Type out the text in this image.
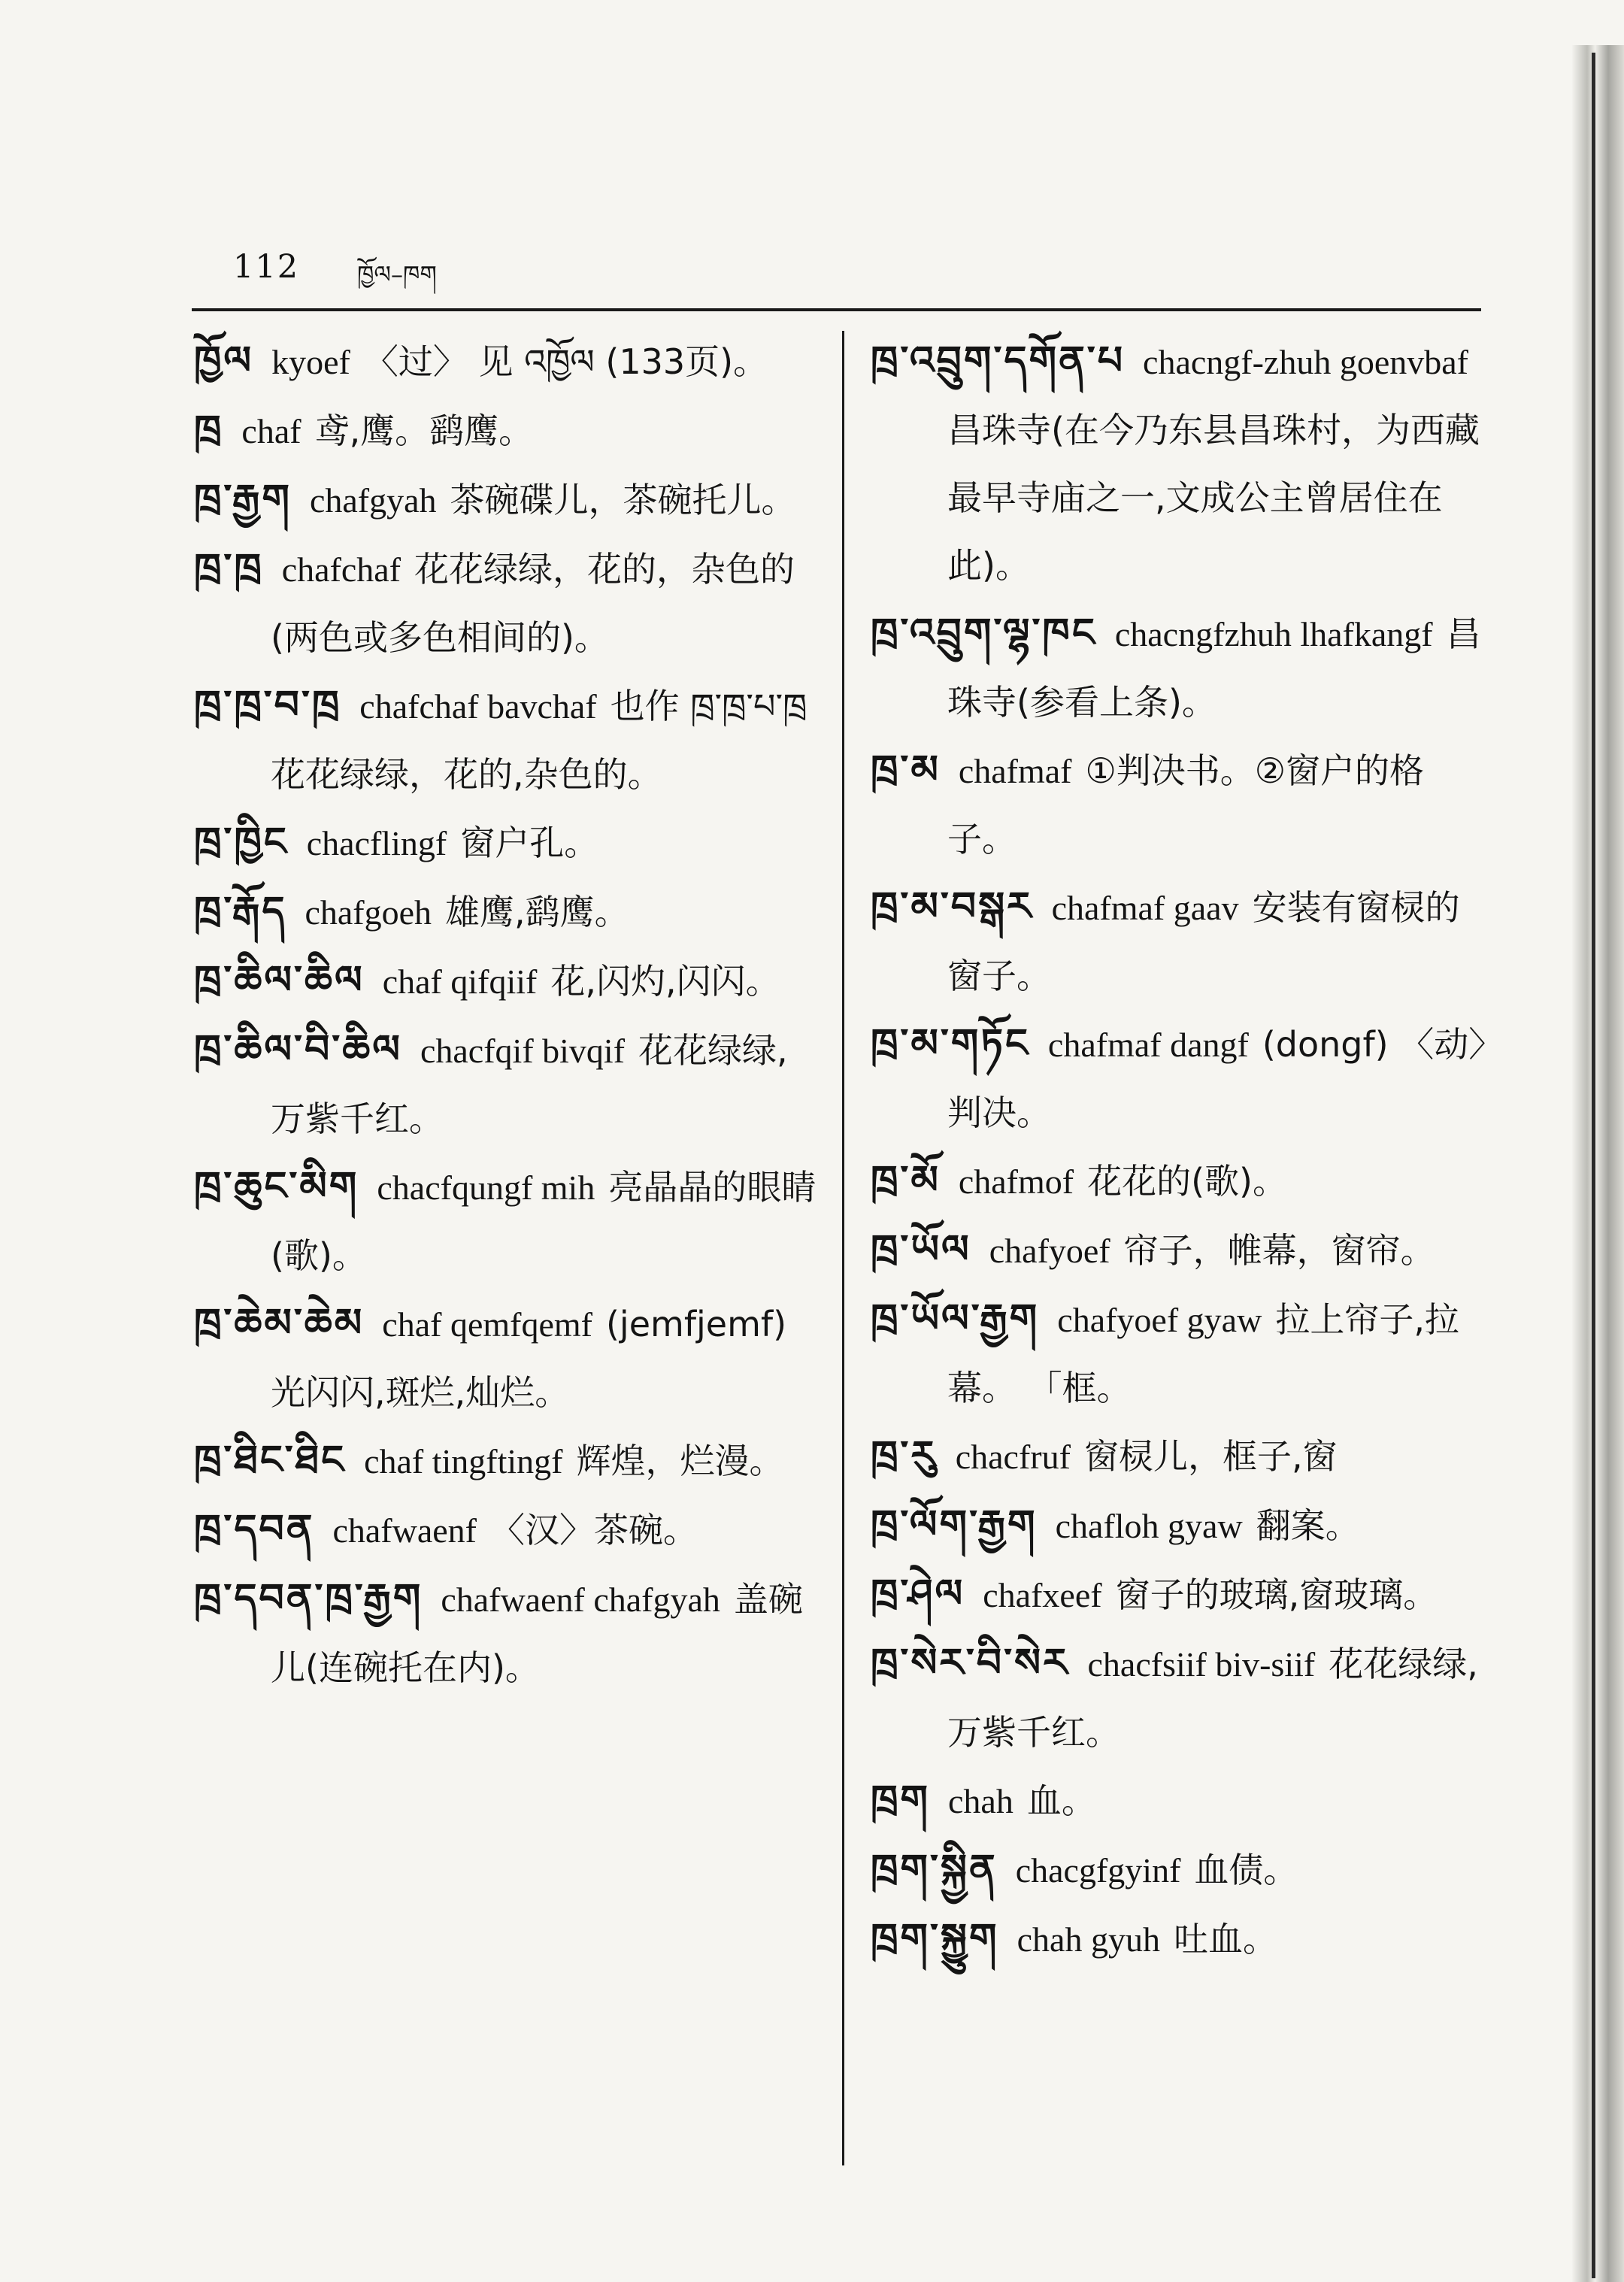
112 ཁྱོལ–ཁག
ཁྱོལ kyoef 〈过〉 见 འཁྱོལ (133页)。
ཁྲ chaf 鸢,鹰。鹞鹰。
ཁྲ་རྒྱག chafgyah 茶碗碟儿，茶碗托儿。
ཁྲ་ཁྲ chafchaf 花花绿绿，花的，杂色的(两色或多色相间的)。
ཁྲ་ཁྲ་བ་ཁྲ chafchaf bavchaf 也作 ཁྲ་ཁྲ་པ་ཁྲ 花花绿绿，花的,杂色的。
ཁྲ་ཁྱིང chacflingf 窗户孔。
ཁྲ་རྒོད chafgoeh 雄鹰,鹞鹰。
ཁྲ་ཆིལ་ཆིལ chaf qifqiif 花,闪灼,闪闪。
ཁྲ་ཆིལ་བི་ཆིལ chacfqif bivqif 花花绿绿,万紫千红。
ཁྲ་ཆུང་མིག chacfqungf mih 亮晶晶的眼睛(歌)。
ཁྲ་ཆེམ་ཆེམ chaf qemfqemf (jemfjemf) 光闪闪,斑烂,灿烂。
ཁྲ་ཐིང་ཐིང chaf tingftingf 辉煌，烂漫。
ཁྲ་དབན chafwaenf 〈汉〉茶碗。
ཁྲ་དབན་ཁྲ་རྒྱག chafwaenf chafgyah 盖碗儿(连碗托在内)。
ཁྲ་འབྲུག་དགོན་པ chacngf-zhuh goenvbaf昌珠寺(在今乃东县昌珠村，为西藏最早寺庙之一,文成公主曾居住在此)。
ཁྲ་འབྲུག་ལྷ་ཁང chacngfzhuh lhafkangf 昌珠寺(参看上条)。
ཁྲ་མ chafmaf ①判决书。②窗户的格子。
ཁྲ་མ་བསྒར chafmaf gaav 安装有窗棂的窗子。
ཁྲ་མ་གཏོང chafmaf dangf (dongf) 〈动〉判决。
ཁྲ་མོ chafmof 花花的(歌)。
ཁྲ་ཡོལ chafyoef 帘子，帷幕，窗帘。
ཁྲ་ཡོལ་རྒྱག chafyoef gyaw 拉上帘子,拉幕。 「框。
ཁྲ་རུ chacfruf 窗棂儿，框子,窗
ཁྲ་ལོག་རྒྱག chafloh gyaw 翻案。
ཁྲ་ཤེལ chafxeef 窗子的玻璃,窗玻璃。
ཁྲ་སེར་བི་སེར chacfsiif biv-siif 花花绿绿,万紫千红。
ཁྲག chah 血。
ཁྲག་སྐྱིན chacgfgyinf 血债。
ཁྲག་སྐྱུག chah gyuh 吐血。
